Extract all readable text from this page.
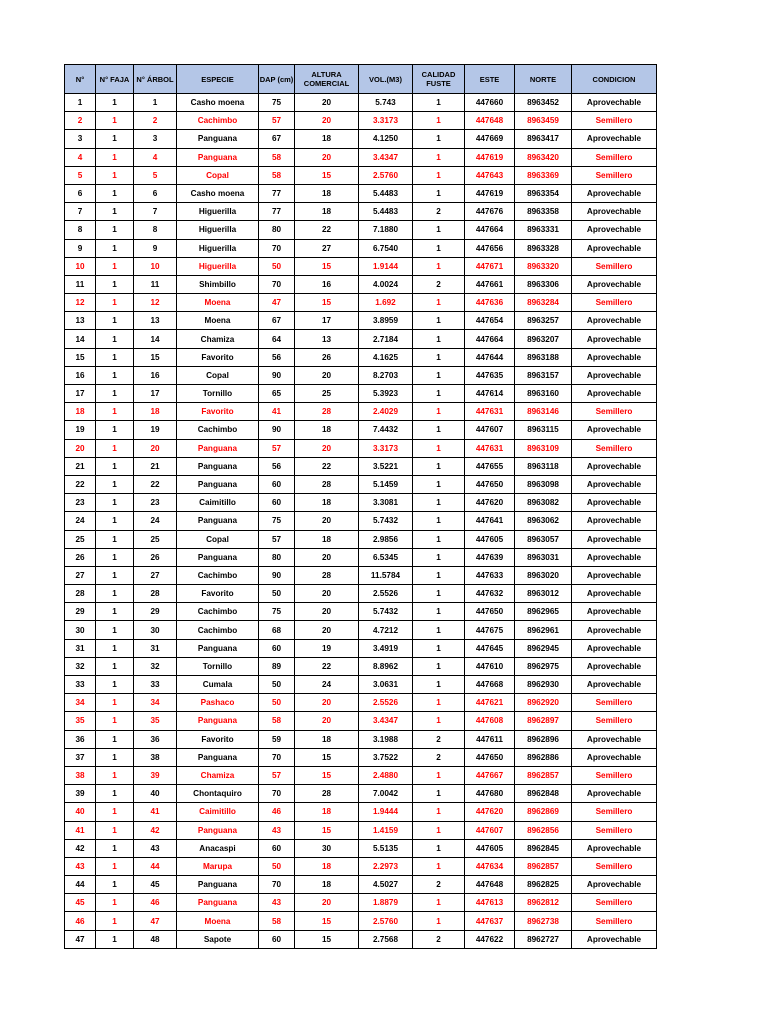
N°	N° FAJA	N° ÁRBOL	ESPECIE	DAP (cm)	ALTURA COMERCIAL	VOL.(M3)	CALIDAD FUSTE	ESTE	NORTE	CONDICION
1	1	1	Casho moena	75	20	5.743	1	447660	8963452	Aprovechable
2	1	2	Cachimbo	57	20	3.3173	1	447648	8963459	Semillero
3	1	3	Panguana	67	18	4.1250	1	447669	8963417	Aprovechable
4	1	4	Panguana	58	20	3.4347	1	447619	8963420	Semillero
5	1	5	Copal	58	15	2.5760	1	447643	8963369	Semillero
6	1	6	Casho moena	77	18	5.4483	1	447619	8963354	Aprovechable
7	1	7	Higuerilla	77	18	5.4483	2	447676	8963358	Aprovechable
8	1	8	Higuerilla	80	22	7.1880	1	447664	8963331	Aprovechable
9	1	9	Higuerilla	70	27	6.7540	1	447656	8963328	Aprovechable
10	1	10	Higuerilla	50	15	1.9144	1	447671	8963320	Semillero
11	1	11	Shimbillo	70	16	4.0024	2	447661	8963306	Aprovechable
12	1	12	Moena	47	15	1.692	1	447636	8963284	Semillero
13	1	13	Moena	67	17	3.8959	1	447654	8963257	Aprovechable
14	1	14	Chamiza	64	13	2.7184	1	447664	8963207	Aprovechable
15	1	15	Favorito	56	26	4.1625	1	447644	8963188	Aprovechable
16	1	16	Copal	90	20	8.2703	1	447635	8963157	Aprovechable
17	1	17	Tornillo	65	25	5.3923	1	447614	8963160	Aprovechable
18	1	18	Favorito	41	28	2.4029	1	447631	8963146	Semillero
19	1	19	Cachimbo	90	18	7.4432	1	447607	8963115	Aprovechable
20	1	20	Panguana	57	20	3.3173	1	447631	8963109	Semillero
21	1	21	Panguana	56	22	3.5221	1	447655	8963118	Aprovechable
22	1	22	Panguana	60	28	5.1459	1	447650	8963098	Aprovechable
23	1	23	Caimitillo	60	18	3.3081	1	447620	8963082	Aprovechable
24	1	24	Panguana	75	20	5.7432	1	447641	8963062	Aprovechable
25	1	25	Copal	57	18	2.9856	1	447605	8963057	Aprovechable
26	1	26	Panguana	80	20	6.5345	1	447639	8963031	Aprovechable
27	1	27	Cachimbo	90	28	11.5784	1	447633	8963020	Aprovechable
28	1	28	Favorito	50	20	2.5526	1	447632	8963012	Aprovechable
29	1	29	Cachimbo	75	20	5.7432	1	447650	8962965	Aprovechable
30	1	30	Cachimbo	68	20	4.7212	1	447675	8962961	Aprovechable
31	1	31	Panguana	60	19	3.4919	1	447645	8962945	Aprovechable
32	1	32	Tornillo	89	22	8.8962	1	447610	8962975	Aprovechable
33	1	33	Cumala	50	24	3.0631	1	447668	8962930	Aprovechable
34	1	34	Pashaco	50	20	2.5526	1	447621	8962920	Semillero
35	1	35	Panguana	58	20	3.4347	1	447608	8962897	Semillero
36	1	36	Favorito	59	18	3.1988	2	447611	8962896	Aprovechable
37	1	38	Panguana	70	15	3.7522	2	447650	8962886	Aprovechable
38	1	39	Chamiza	57	15	2.4880	1	447667	8962857	Semillero
39	1	40	Chontaquiro	70	28	7.0042	1	447680	8962848	Aprovechable
40	1	41	Caimitillo	46	18	1.9444	1	447620	8962869	Semillero
41	1	42	Panguana	43	15	1.4159	1	447607	8962856	Semillero
42	1	43	Anacaspi	60	30	5.5135	1	447605	8962845	Aprovechable
43	1	44	Marupa	50	18	2.2973	1	447634	8962857	Semillero
44	1	45	Panguana	70	18	4.5027	2	447648	8962825	Aprovechable
45	1	46	Panguana	43	20	1.8879	1	447613	8962812	Semillero
46	1	47	Moena	58	15	2.5760	1	447637	8962738	Semillero
47	1	48	Sapote	60	15	2.7568	2	447622	8962727	Aprovechable
